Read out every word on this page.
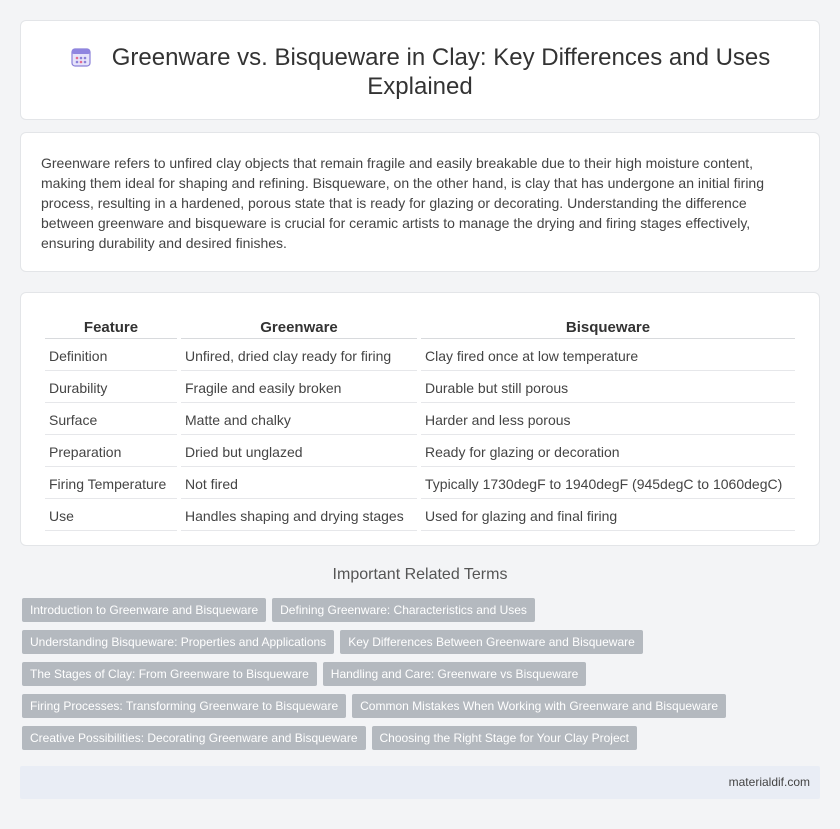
Greenware vs. Bisqueware in Clay: Key Differences and Uses Explained
Greenware refers to unfired clay objects that remain fragile and easily breakable due to their high moisture content, making them ideal for shaping and refining. Bisqueware, on the other hand, is clay that has undergone an initial firing process, resulting in a hardened, porous state that is ready for glazing or decorating. Understanding the difference between greenware and bisqueware is crucial for ceramic artists to manage the drying and firing stages effectively, ensuring durability and desired finishes.
Feature	Greenware	Bisqueware
Definition	Unfired, dried clay ready for firing	Clay fired once at low temperature
Durability	Fragile and easily broken	Durable but still porous
Surface	Matte and chalky	Harder and less porous
Preparation	Dried but unglazed	Ready for glazing or decoration
Firing Temperature	Not fired	Typically 1730degF to 1940degF (945degC to 1060degC)
Use	Handles shaping and drying stages	Used for glazing and final firing
Important Related Terms
Introduction to Greenware and Bisqueware Defining Greenware: Characteristics and Uses
Understanding Bisqueware: Properties and Applications Key Differences Between Greenware and Bisqueware
The Stages of Clay: From Greenware to Bisqueware Handling and Care: Greenware vs Bisqueware
Firing Processes: Transforming Greenware to Bisqueware Common Mistakes When Working with Greenware and Bisqueware
Creative Possibilities: Decorating Greenware and Bisqueware Choosing the Right Stage for Your Clay Project
materialdif.com
